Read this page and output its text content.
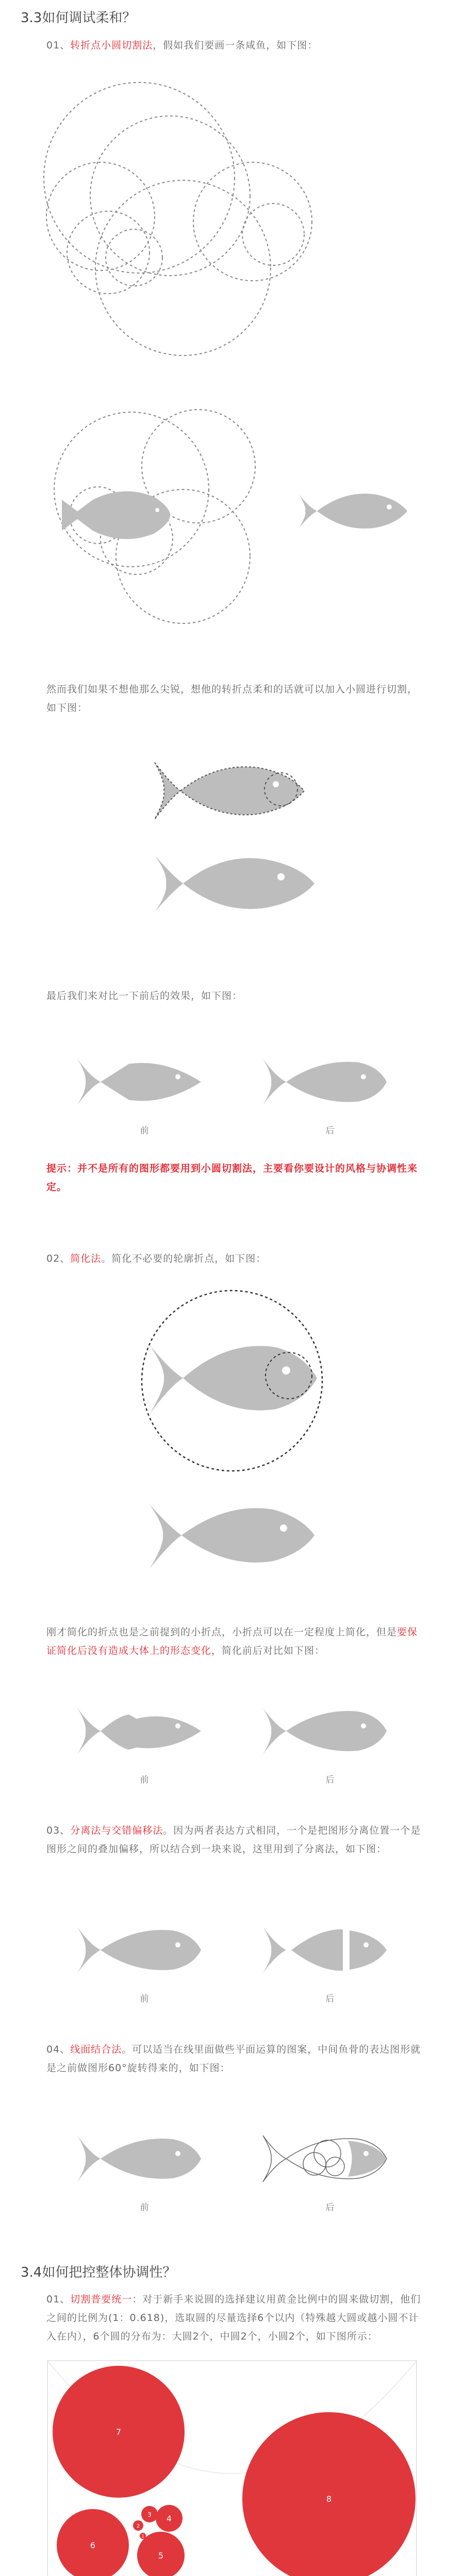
3.3如何调试柔和？
01、转折点小圆切割法，假如我们要画一条咸鱼，如下图：
然而我们如果不想他那么尖锐，想他的转折点柔和的话就可以加入小圆进行切割，如下图：
最后我们来对比一下前后的效果，如下图：
前	后
提示：并不是所有的图形都要用到小圆切割法，主要看你要设计的风格与协调性来定。
02、简化法。简化不必要的轮廓折点，如下图：
刚才简化的折点也是之前提到的小折点，小折点可以在一定程度上简化，但是要保证简化后没有造成大体上的形态变化，简化前后对比如下图：
前	后
03、分离法与交错偏移法。因为两者表达方式相同，一个是把图形分离位置一个是图形之间的叠加偏移，所以结合到一块来说，这里用到了分离法，如下图：
前	后
04、线面结合法。可以适当在线里面做些平面运算的图案，中间鱼骨的表达图形就是之前做图形60°旋转得来的，如下图：
前	后
3.4如何把控整体协调性？
01、切割普要统一：对于新手来说圆的选择建议用黄金比例中的圆来做切割，他们之间的比例为(1：0.618)，选取圆的尽量选择6个以内（特殊越大圆或越小圆不计入在内），6个圆的分布为：大圆2个，中圆2个，小圆2个，如下图所示：
7
8
6
5
4
3
2
1
